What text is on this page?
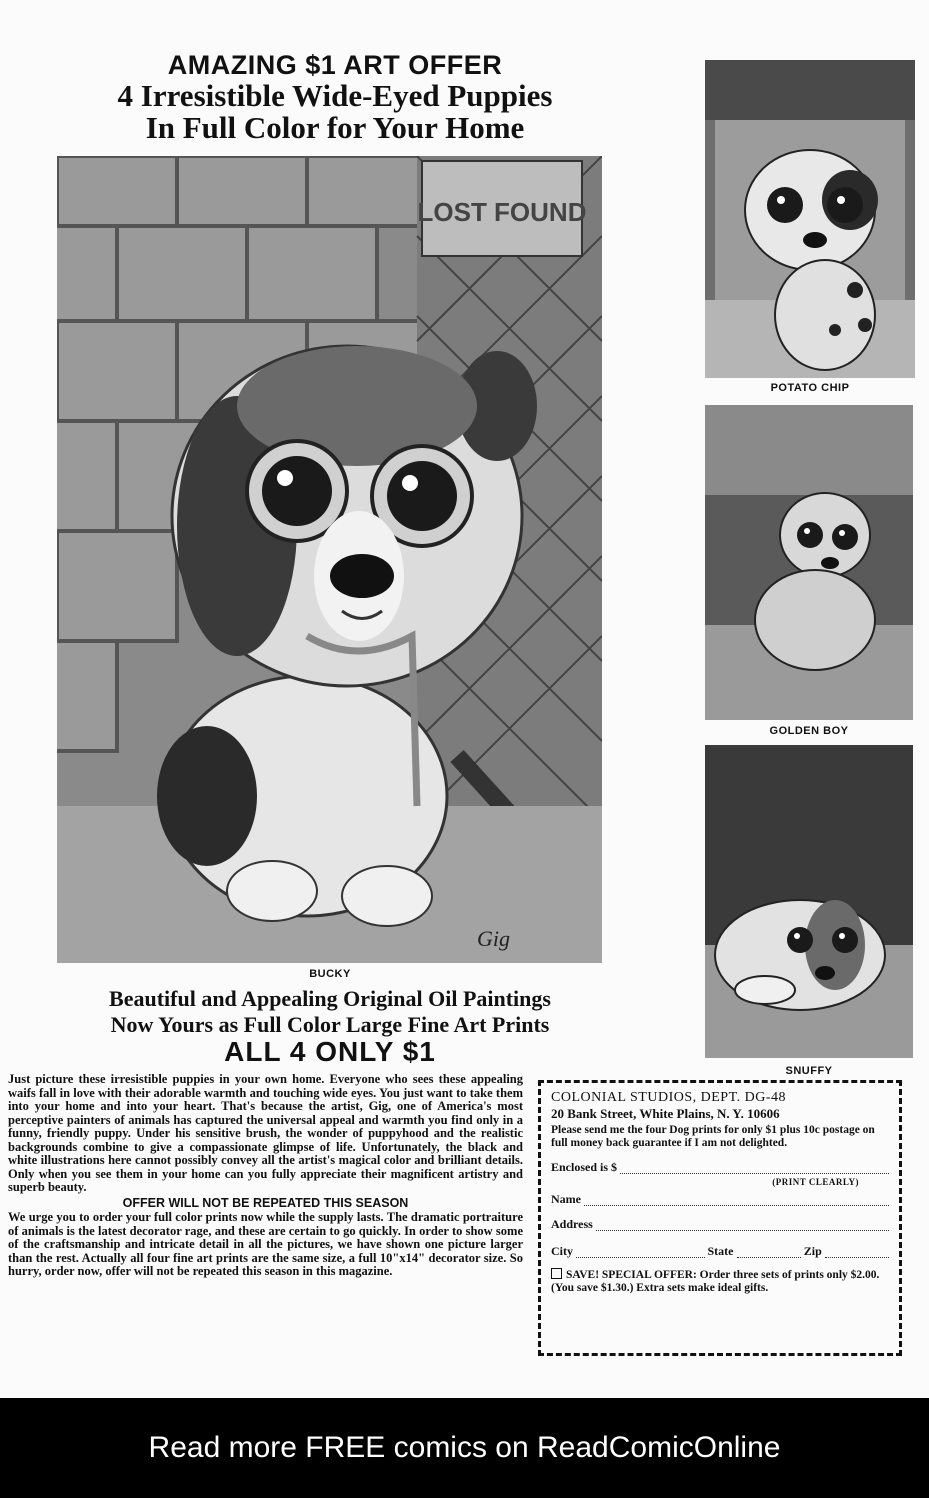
AMAZING $1 ART OFFER
4 Irresistible Wide-Eyed Puppies
In Full Color for Your Home
LOST FOUND
Gig
BUCKY
POTATO CHIP
GOLDEN BOY
SNUFFY
Beautiful and Appealing Original Oil Paintings
Now Yours as Full Color Large Fine Art Prints
ALL 4 ONLY $1

Just picture these irresistible puppies in your own home. Everyone who sees these appealing waifs fall in love with their adorable warmth and touching wide eyes. You just want to take them into your home and into your heart. That's because the artist, Gig, one of America's most perceptive painters of animals has captured the universal appeal and warmth you find only in a funny, friendly puppy. Under his sensitive brush, the wonder of puppyhood and the realistic backgrounds combine to give a compassionate glimpse of life. Unfortunately, the black and white illustrations here cannot possibly convey all the artist's magical color and brilliant details. Only when you see them in your home can you fully appreciate their magnificent artistry and superb beauty.

OFFER WILL NOT BE REPEATED THIS SEASON

We urge you to order your full color prints now while the supply lasts. The dramatic portraiture of animals is the latest decorator rage, and these are certain to go quickly. In order to show some of the craftsmanship and intricate detail in all the pictures, we have shown one picture larger than the rest. Actually all four fine art prints are the same size, a full 10"x14" decorator size. So hurry, order now, offer will not be repeated this season in this magazine.

COLONIAL STUDIOS, DEPT. DG-48
20 Bank Street, White Plains, N. Y. 10606
Please send me the four Dog prints for only $1 plus 10c postage on full money back guarantee if I am not delighted.
Enclosed is $
(PRINT CLEARLY)
Name
Address
City	State	Zip
SAVE! SPECIAL OFFER: Order three sets of prints only $2.00. (You save $1.30.) Extra sets make ideal gifts.
Read more FREE comics on ReadComicOnline
